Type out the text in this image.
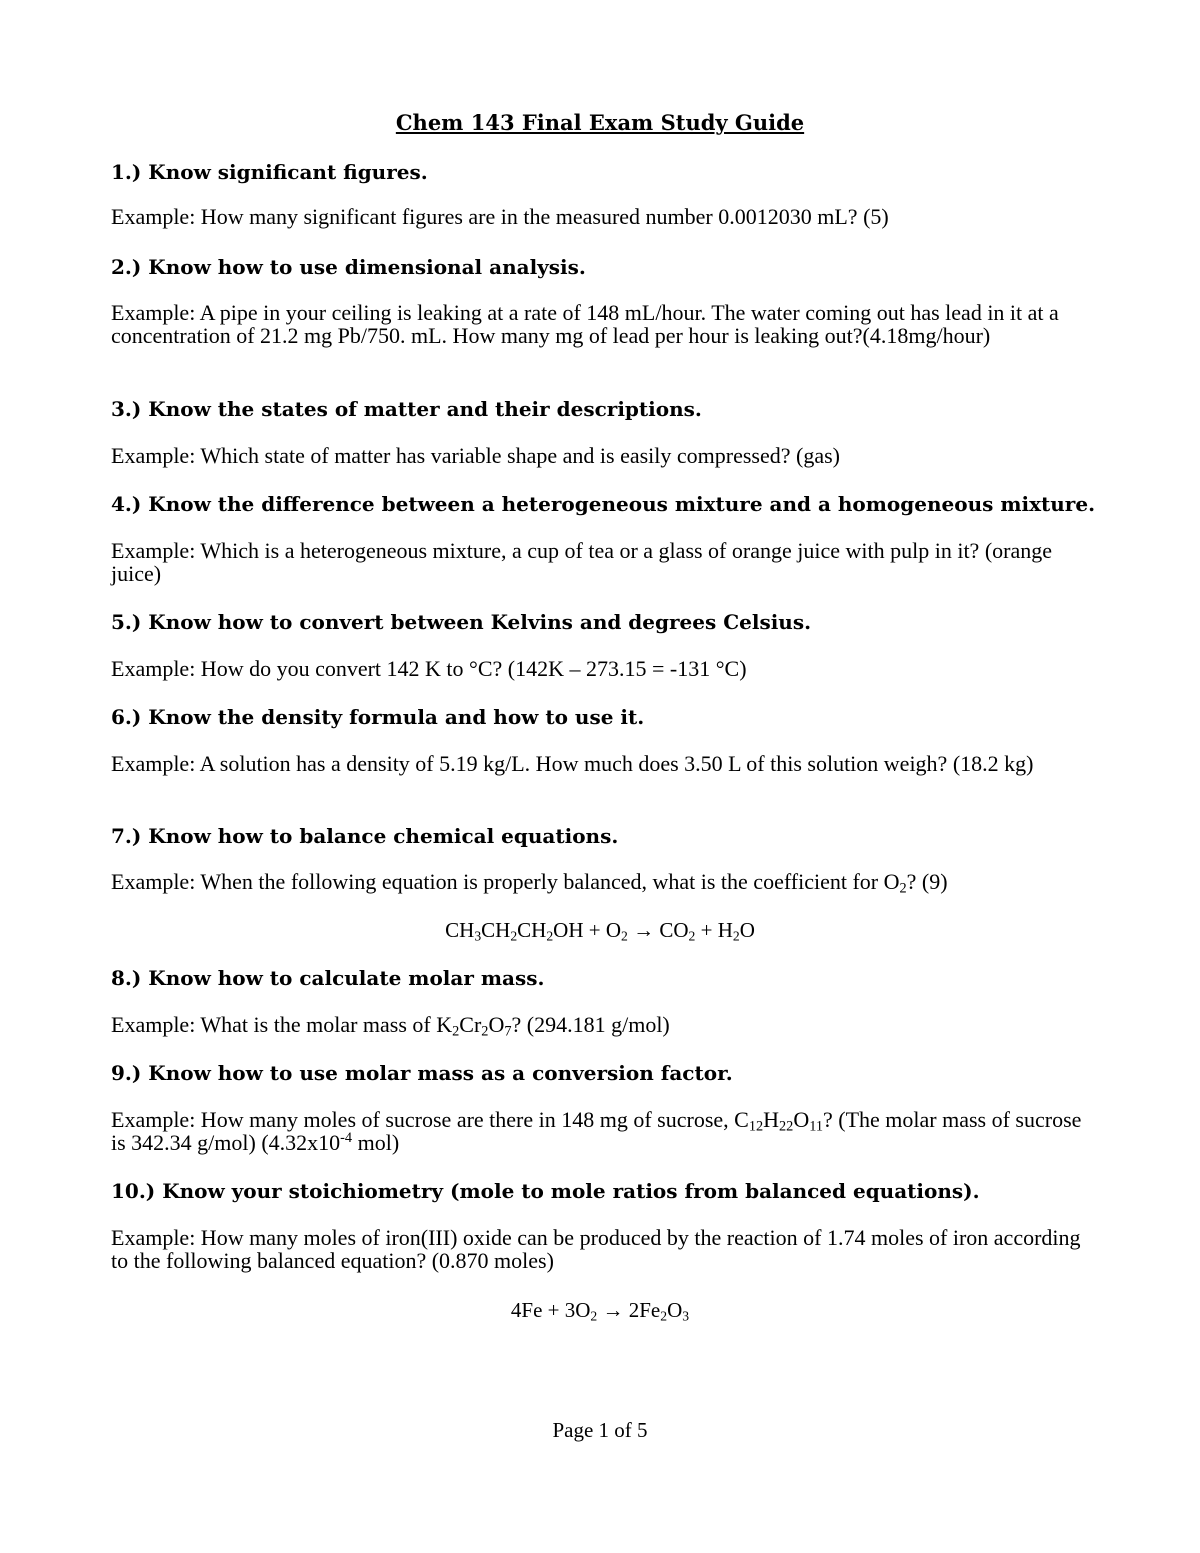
Chem 143 Final Exam Study Guide
1.) Know significant figures.
Example: How many significant figures are in the measured number 0.0012030 mL? (5)
2.) Know how to use dimensional analysis.
Example: A pipe in your ceiling is leaking at a rate of 148 mL/hour. The water coming out has lead in it at a concentration of 21.2 mg Pb/750. mL. How many mg of lead per hour is leaking out?(4.18mg/hour)
3.) Know the states of matter and their descriptions.
Example: Which state of matter has variable shape and is easily compressed? (gas)
4.) Know the difference between a heterogeneous mixture and a homogeneous mixture.
Example: Which is a heterogeneous mixture, a cup of tea or a glass of orange juice with pulp in it? (orange juice)
5.) Know how to convert between Kelvins and degrees Celsius.
Example: How do you convert 142 K to °C? (142K – 273.15 = -131 °C)
6.) Know the density formula and how to use it.
Example: A solution has a density of 5.19 kg/L. How much does 3.50 L of this solution weigh? (18.2 kg)
7.) Know how to balance chemical equations.
Example: When the following equation is properly balanced, what is the coefficient for $O_2$? (9)
$CH_3CH_2CH_2OH + O_2 \to CO_2 + H_2O$
8.) Know how to calculate molar mass.
Example: What is the molar mass of $K_2Cr_2O_7$? (294.181 g/mol)
9.) Know how to use molar mass as a conversion factor.
Example: How many moles of sucrose are there in 148 mg of sucrose, $C_{12}H_{22}O_{11}$? (The molar mass of sucrose is 342.34 g/mol) ($4.32x10^{-4}$ mol)
10.) Know your stoichiometry (mole to mole ratios from balanced equations).
Example: How many moles of iron(III) oxide can be produced by the reaction of 1.74 moles of iron according to the following balanced equation? (0.870 moles)
$4Fe + 3O_2 \to 2Fe_2O_3$
Page 1 of 5
